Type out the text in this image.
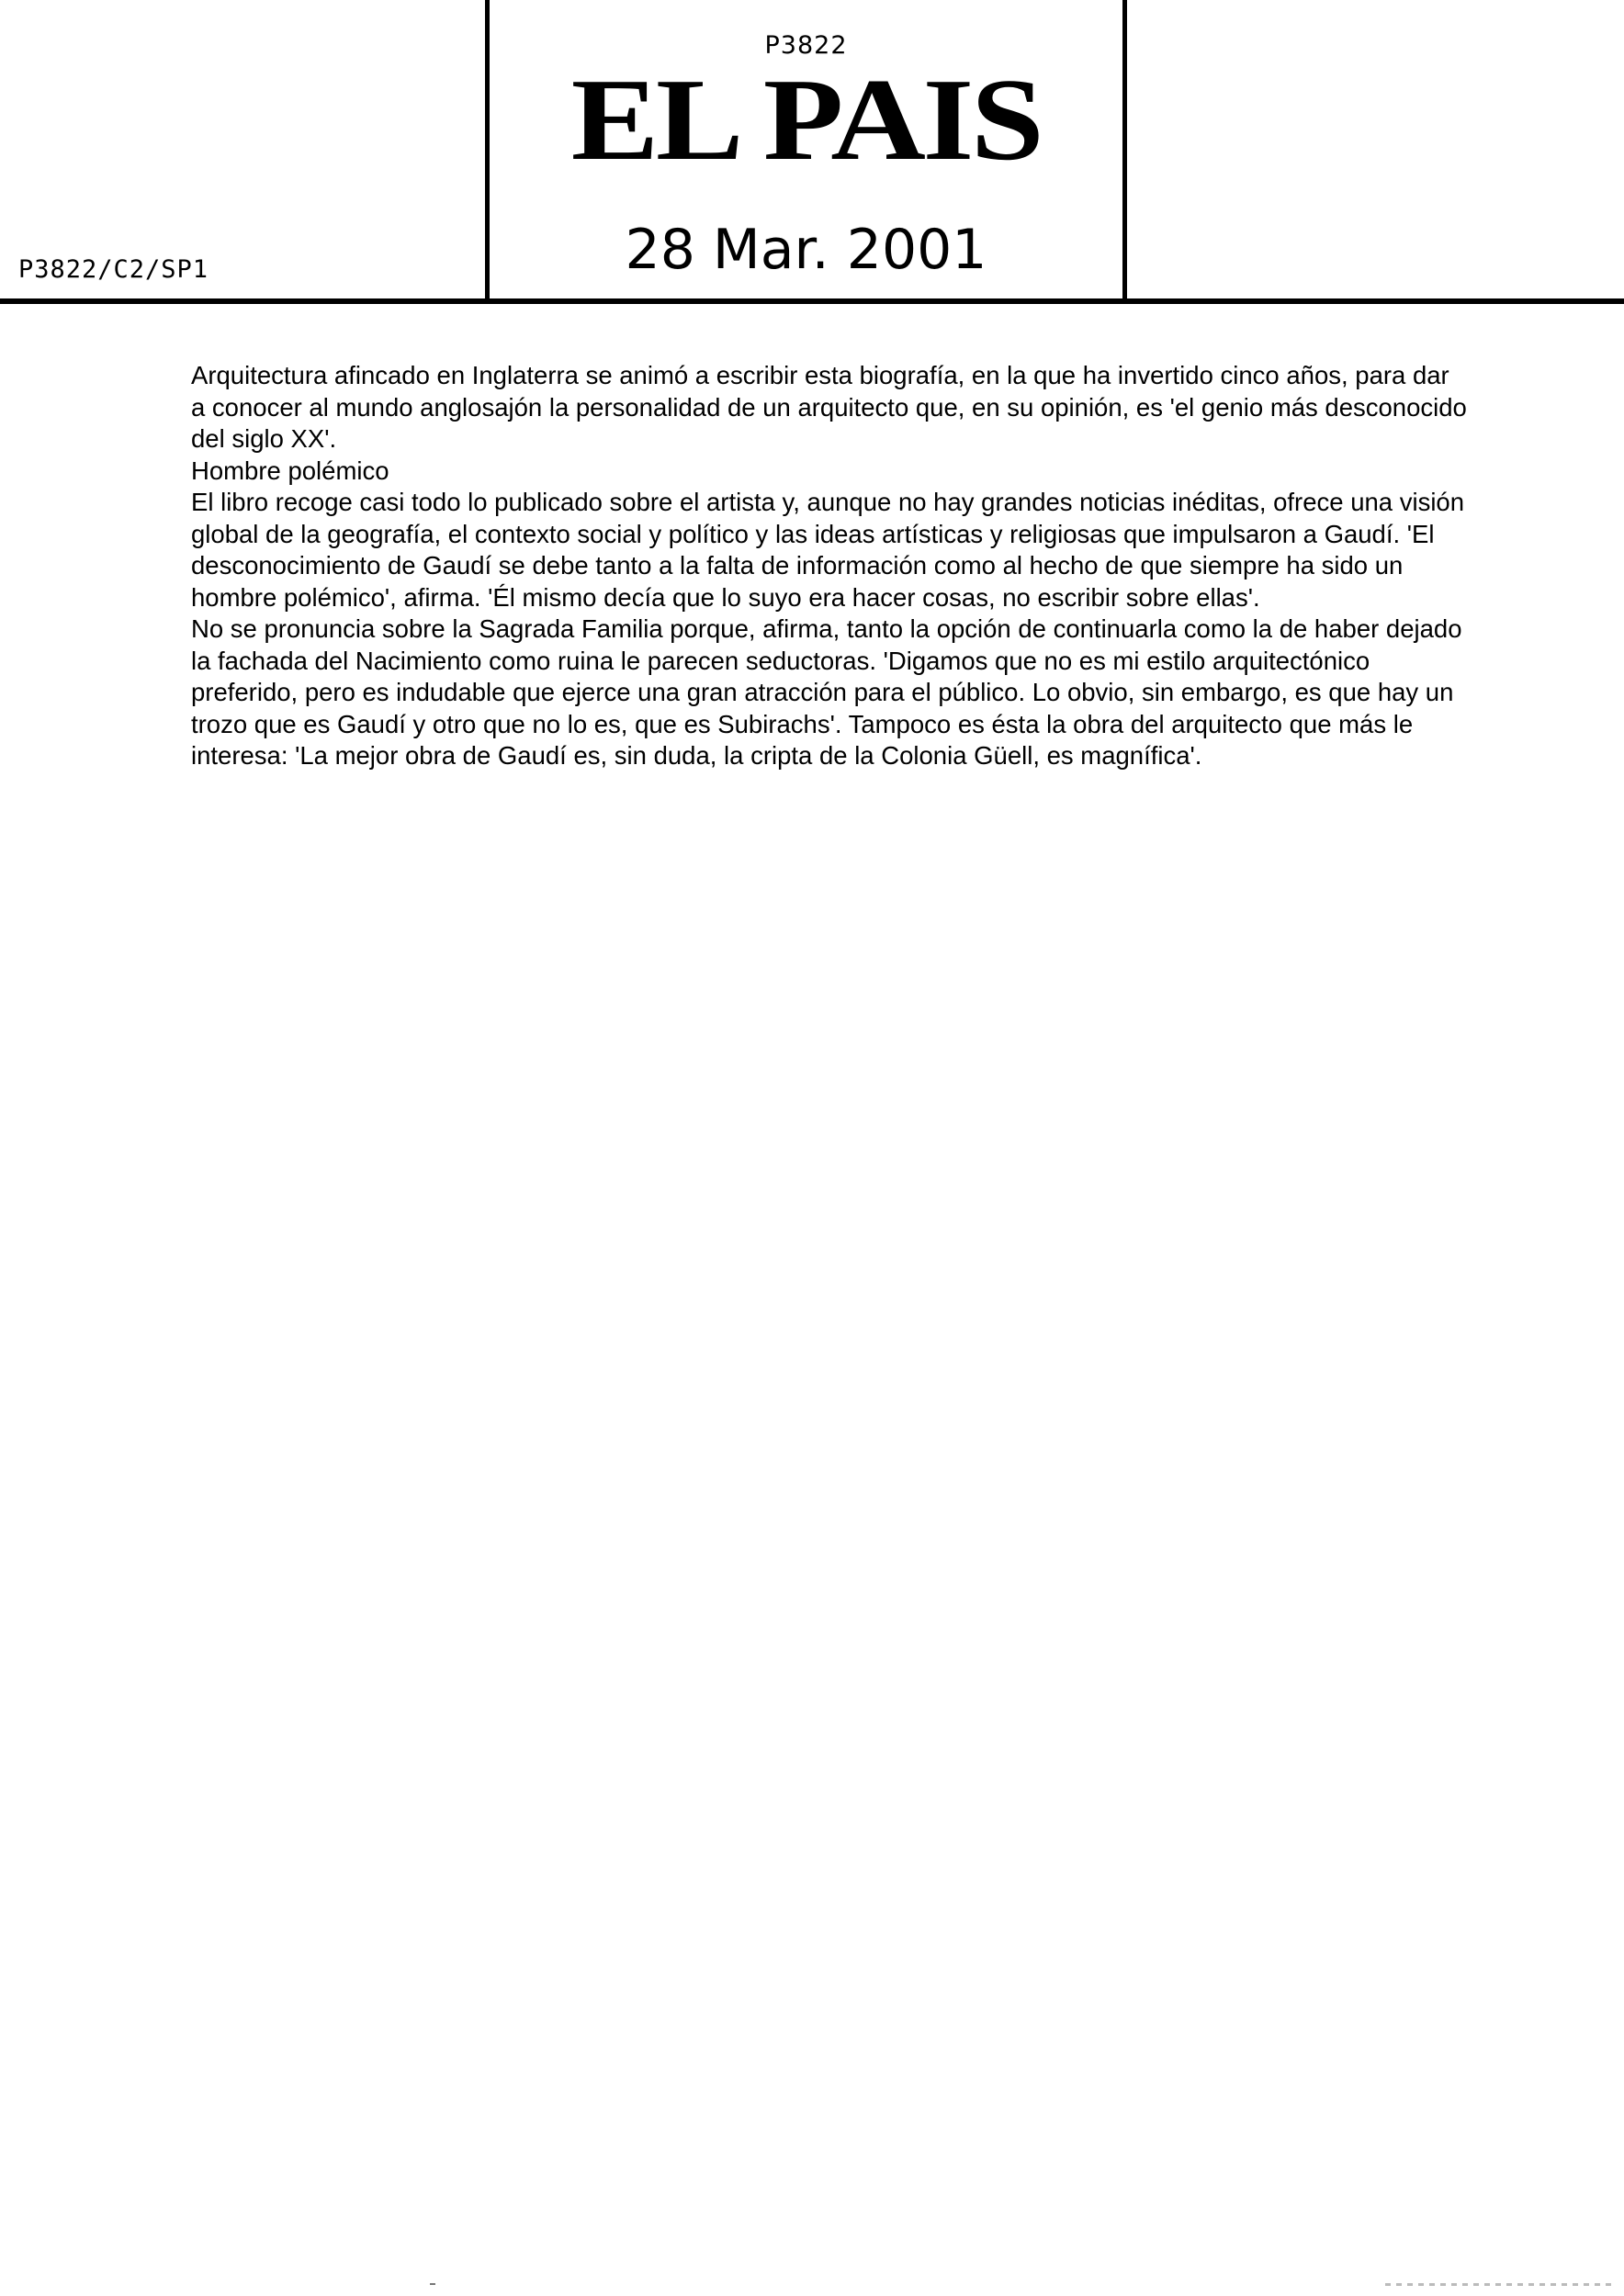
P3822/C2/SP1
P3822
EL PAIS
28 Mar. 2001

Arquitectura afincado en Inglaterra se animó a escribir esta biografía, en la que ha invertido cinco años, para dar a conocer al mundo anglosajón la personalidad de un arquitecto que, en su opinión, es 'el genio más desconocido del siglo XX'.

Hombre polémico

El libro recoge casi todo lo publicado sobre el artista y, aunque no hay grandes noticias inéditas, ofrece una visión global de la geografía, el contexto social y político y las ideas artísticas y religiosas que impulsaron a Gaudí. 'El desconocimiento de Gaudí se debe tanto a la falta de información como al hecho de que siempre ha sido un hombre polémico', afirma. 'Él mismo decía que lo suyo era hacer cosas, no escribir sobre ellas'.

No se pronuncia sobre la Sagrada Familia porque, afirma, tanto la opción de continuarla como la de haber dejado la fachada del Nacimiento como ruina le parecen seductoras. 'Digamos que no es mi estilo arquitectónico preferido, pero es indudable que ejerce una gran atracción para el público. Lo obvio, sin embargo, es que hay un trozo que es Gaudí y otro que no lo es, que es Subirachs'. Tampoco es ésta la obra del arquitecto que más le interesa: 'La mejor obra de Gaudí es, sin duda, la cripta de la Colonia Güell, es magnífica'.
